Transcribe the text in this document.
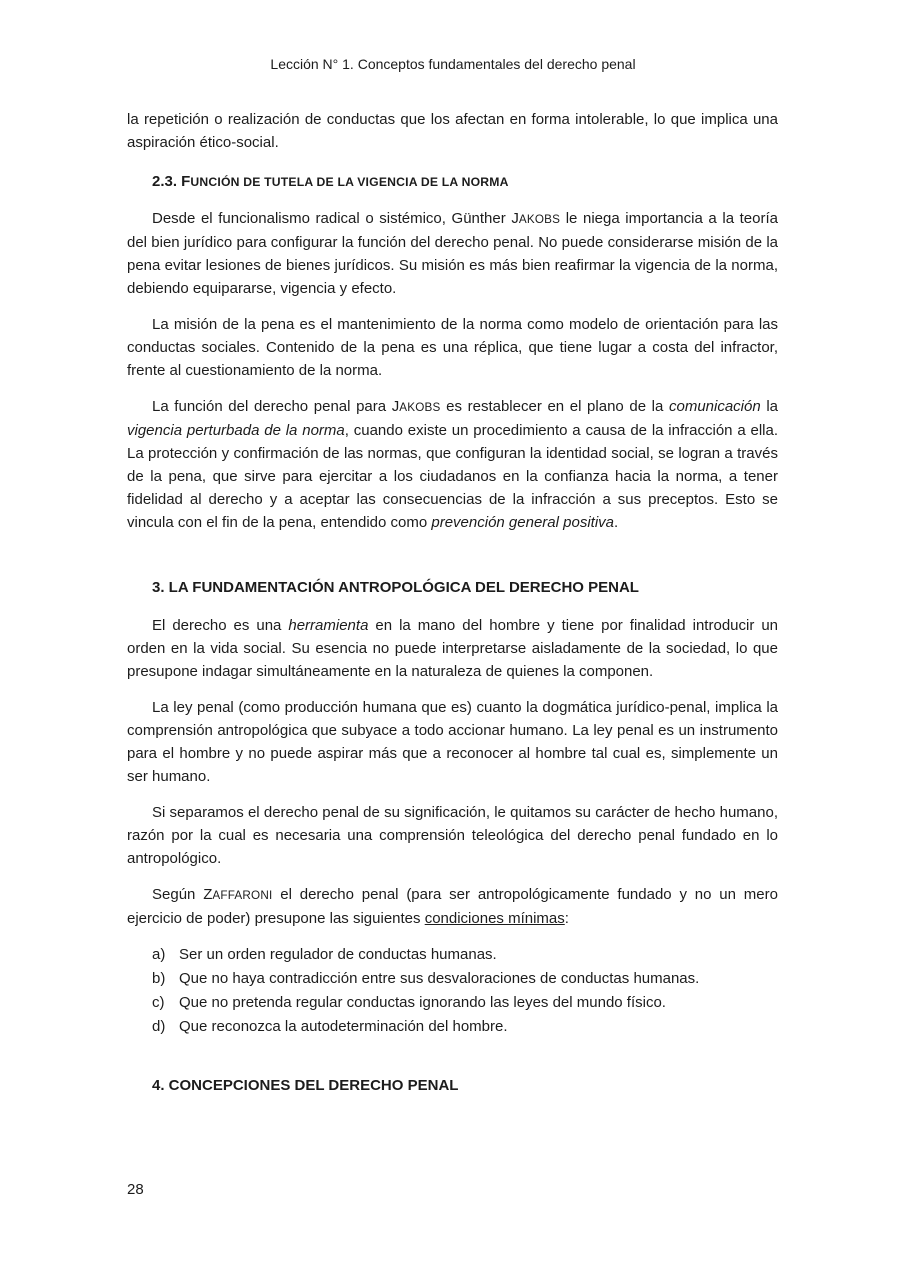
Lección N° 1. Conceptos fundamentales del derecho penal

la repetición o realización de conductas que los afectan en forma intolerable, lo que implica una aspiración ético-social.

2.3. FUNCIÓN DE TUTELA DE LA VIGENCIA DE LA NORMA

Desde el funcionalismo radical o sistémico, Günther JAKOBS le niega importancia a la teoría del bien jurídico para configurar la función del derecho penal. No puede considerarse misión de la pena evitar lesiones de bienes jurídicos. Su misión es más bien reafirmar la vigencia de la norma, debiendo equipararse, vigencia y efecto.

La misión de la pena es el mantenimiento de la norma como modelo de orientación para las conductas sociales. Contenido de la pena es una réplica, que tiene lugar a costa del infractor, frente al cuestionamiento de la norma.

La función del derecho penal para JAKOBS es restablecer en el plano de la comunicación la vigencia perturbada de la norma, cuando existe un procedimiento a causa de la infracción a ella. La protección y confirmación de las normas, que configuran la identidad social, se logran a través de la pena, que sirve para ejercitar a los ciudadanos en la confianza hacia la norma, a tener fidelidad al derecho y a aceptar las consecuencias de la infracción a sus preceptos. Esto se vincula con el fin de la pena, entendido como prevención general positiva.

3. LA FUNDAMENTACIÓN ANTROPOLÓGICA DEL DERECHO PENAL

El derecho es una herramienta en la mano del hombre y tiene por finalidad introducir un orden en la vida social. Su esencia no puede interpretarse aisladamente de la sociedad, lo que presupone indagar simultáneamente en la naturaleza de quienes la componen.

La ley penal (como producción humana que es) cuanto la dogmática jurídico-penal, implica la comprensión antropológica que subyace a todo accionar humano. La ley penal es un instrumento para el hombre y no puede aspirar más que a reconocer al hombre tal cual es, simplemente un ser humano.

Si separamos el derecho penal de su significación, le quitamos su carácter de hecho humano, razón por la cual es necesaria una comprensión teleológica del derecho penal fundado en lo antropológico.

Según ZAFFARONI el derecho penal (para ser antropológicamente fundado y no un mero ejercicio de poder) presupone las siguientes condiciones mínimas:

a) Ser un orden regulador de conductas humanas.
b) Que no haya contradicción entre sus desvaloraciones de conductas humanas.
c) Que no pretenda regular conductas ignorando las leyes del mundo físico.
d) Que reconozca la autodeterminación del hombre.
4. CONCEPCIONES DEL DERECHO PENAL
28
